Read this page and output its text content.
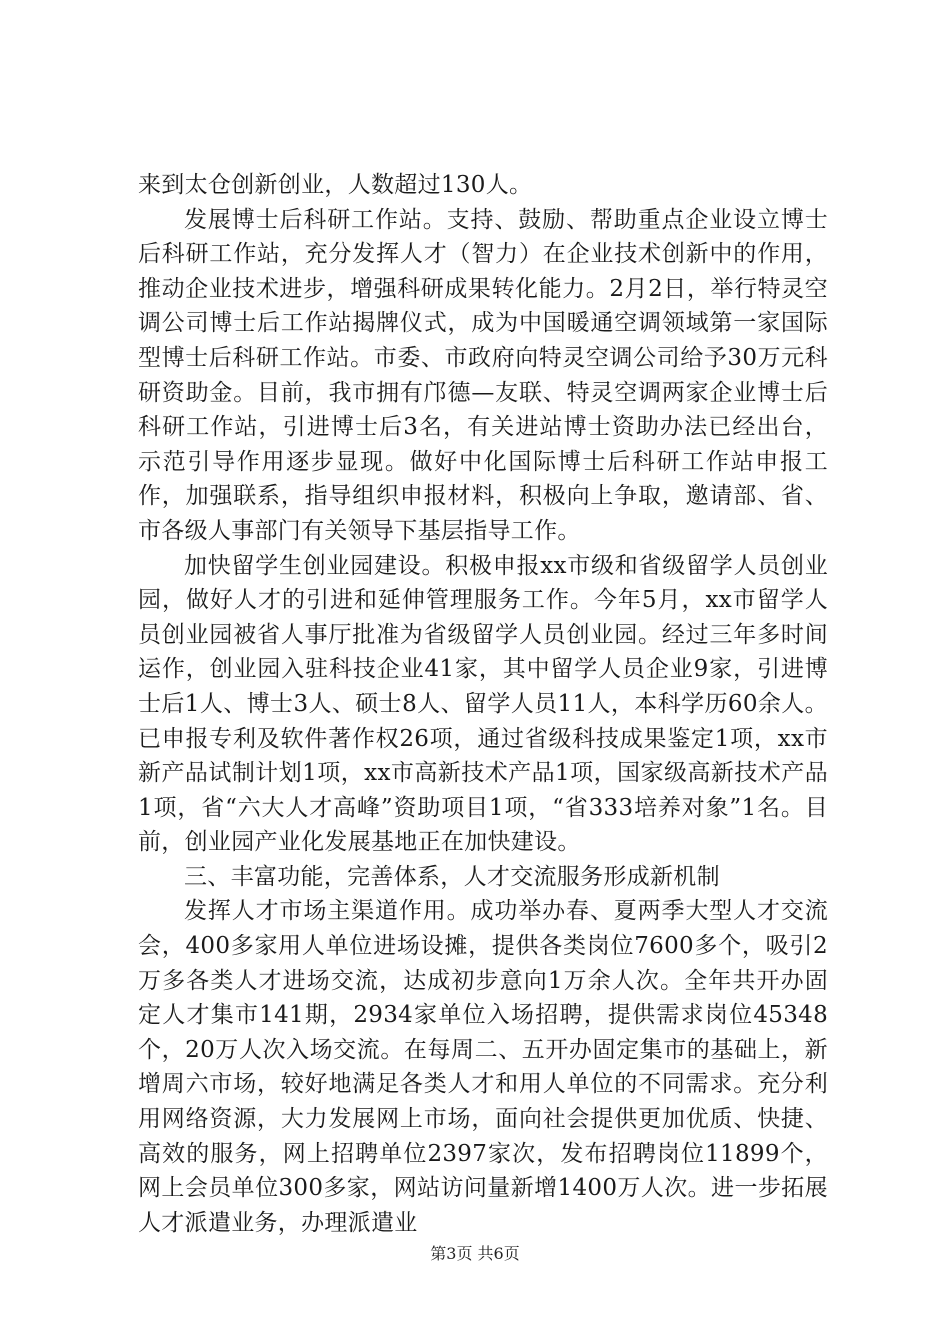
来到太仓创新创业，人数超过130人。

发展博士后科研工作站。支持、鼓励、帮助重点企业设立博士后科研工作站，充分发挥人才（智力）在企业技术创新中的作用，推动企业技术进步，增强科研成果转化能力。2月2日，举行特灵空调公司博士后工作站揭牌仪式，成为中国暖通空调领域第一家国际型博士后科研工作站。市委、市政府向特灵空调公司给予30万元科研资助金。目前，我市拥有邝德—友联、特灵空调两家企业博士后科研工作站，引进博士后3名，有关进站博士资助办法已经出台，示范引导作用逐步显现。做好中化国际博士后科研工作站申报工作，加强联系，指导组织申报材料，积极向上争取，邀请部、省、市各级人事部门有关领导下基层指导工作。

加快留学生创业园建设。积极申报xx市级和省级留学人员创业园，做好人才的引进和延伸管理服务工作。今年5月，xx市留学人员创业园被省人事厅批准为省级留学人员创业园。经过三年多时间运作，创业园入驻科技企业41家，其中留学人员企业9家，引进博士后1人、博士3人、硕士8人、留学人员11人，本科学历60余人。已申报专利及软件著作权26项，通过省级科技成果鉴定1项，xx市新产品试制计划1项，xx市高新技术产品1项，国家级高新技术产品1项，省“六大人才高峰”资助项目1项，“省333培养对象”1名。目前，创业园产业化发展基地正在加快建设。

三、丰富功能，完善体系，人才交流服务形成新机制

发挥人才市场主渠道作用。成功举办春、夏两季大型人才交流会，400多家用人单位进场设摊，提供各类岗位7600多个，吸引2万多各类人才进场交流，达成初步意向1万余人次。全年共开办固定人才集市141期，2934家单位入场招聘，提供需求岗位45348个，20万人次入场交流。在每周二、五开办固定集市的基础上，新增周六市场，较好地满足各类人才和用人单位的不同需求。充分利用网络资源，大力发展网上市场，面向社会提供更加优质、快捷、高效的服务，网上招聘单位2397家次，发布招聘岗位11899个，网上会员单位300多家，网站访问量新增1400万人次。进一步拓展人才派遣业务，办理派遣业

第3页 共6页
